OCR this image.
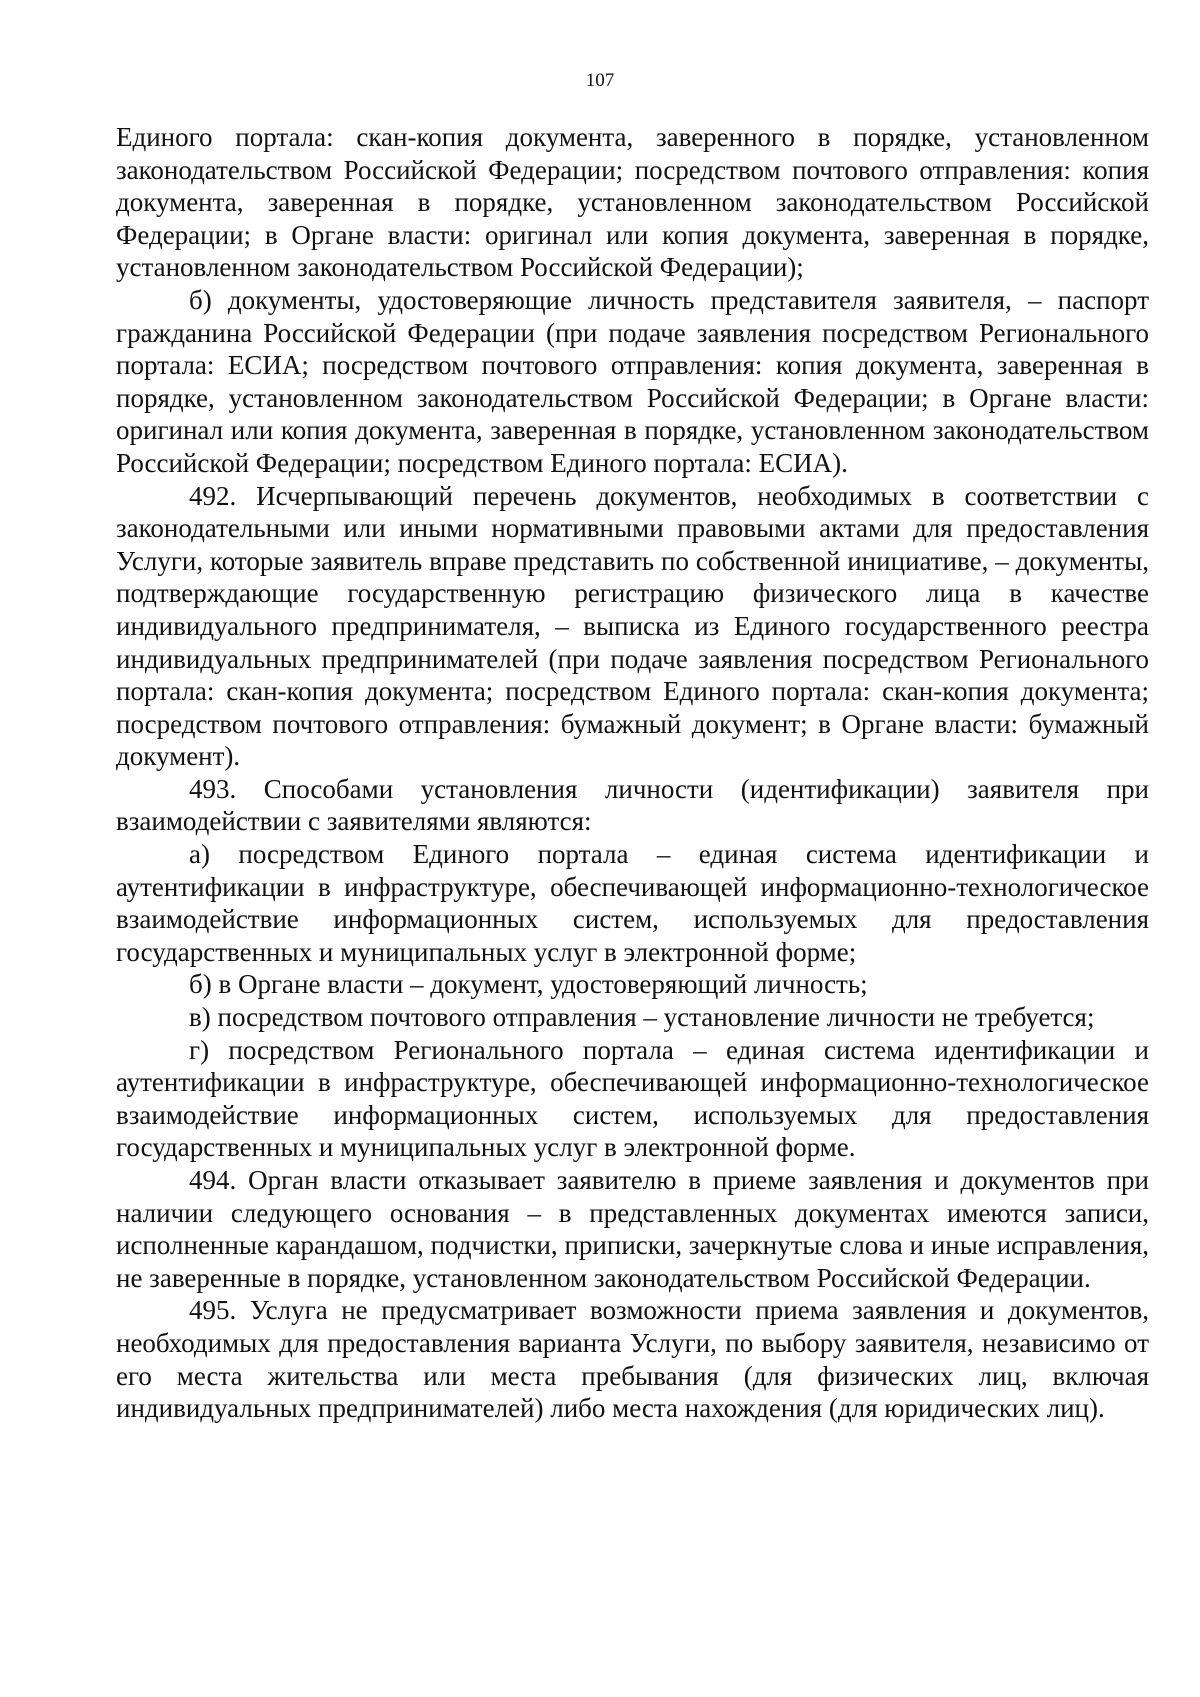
107

Единого портала: скан-копия документа, заверенного в порядке, установленном законодательством Российской Федерации; посредством почтового отправления: копия документа, заверенная в порядке, установленном законодательством Российской Федерации; в Органе власти: оригинал или копия документа, заверенная в порядке, установленном законодательством Российской Федерации);

б) документы, удостоверяющие личность представителя заявителя, – паспорт гражданина Российской Федерации (при подаче заявления посредством Регионального портала: ЕСИА; посредством почтового отправления: копия документа, заверенная в порядке, установленном законодательством Российской Федерации; в Органе власти: оригинал или копия документа, заверенная в порядке, установленном законодательством Российской Федерации; посредством Единого портала: ЕСИА).

492. Исчерпывающий перечень документов, необходимых в соответствии с законодательными или иными нормативными правовыми актами для предоставления Услуги, которые заявитель вправе представить по собственной инициативе, – документы, подтверждающие государственную регистрацию физического лица в качестве индивидуального предпринимателя, – выписка из Единого государственного реестра индивидуальных предпринимателей (при подаче заявления посредством Регионального портала: скан-копия документа; посредством Единого портала: скан-копия документа; посредством почтового отправления: бумажный документ; в Органе власти: бумажный документ).

493. Способами установления личности (идентификации) заявителя при взаимодействии с заявителями являются:

а) посредством Единого портала – единая система идентификации и аутентификации в инфраструктуре, обеспечивающей информационно-технологическое взаимодействие информационных систем, используемых для предоставления государственных и муниципальных услуг в электронной форме;

б) в Органе власти – документ, удостоверяющий личность;

в) посредством почтового отправления – установление личности не требуется;

г) посредством Регионального портала – единая система идентификации и аутентификации в инфраструктуре, обеспечивающей информационно-технологическое взаимодействие информационных систем, используемых для предоставления государственных и муниципальных услуг в электронной форме.

494. Орган власти отказывает заявителю в приеме заявления и документов при наличии следующего основания – в представленных документах имеются записи, исполненные карандашом, подчистки, приписки, зачеркнутые слова и иные исправления, не заверенные в порядке, установленном законодательством Российской Федерации.

495. Услуга не предусматривает возможности приема заявления и документов, необходимых для предоставления варианта Услуги, по выбору заявителя, независимо от его места жительства или места пребывания (для физических лиц, включая индивидуальных предпринимателей) либо места нахождения (для юридических лиц).
